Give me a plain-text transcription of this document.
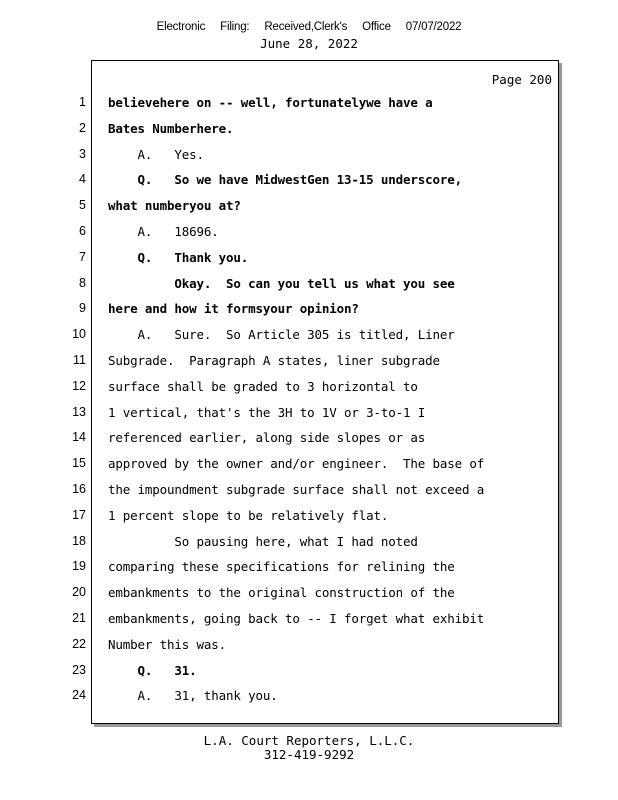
Electronic Filing: Received,Clerk's Office 07/07/2022
June 28, 2022
Page 200
1 believehere on -- well, fortunatelywe have a
2 Bates Numberhere.
3 A.   Yes.
4 Q.   So we have MidwestGen 13-15 underscore,
5 what numberyou at?
6 A.   18696.
7 Q.   Thank you.
8 Okay.  So can you tell us what you see
9 here and how it formsyour opinion?
10 A.   Sure.  So Article 305 is titled, Liner
11 Subgrade.  Paragraph A states, liner subgrade
12 surface shall be graded to 3 horizontal to
13 1 vertical, that's the 3H to 1V or 3-to-1 I
14 referenced earlier, along side slopes or as
15 approved by the owner and/or engineer.  The base of
16 the impoundment subgrade surface shall not exceed a
17 1 percent slope to be relatively flat.
18 So pausing here, what I had noted
19 comparing these specifications for relining the
20 embankments to the original construction of the
21 embankments, going back to -- I forget what exhibit
22 Number this was.
23 Q.   31.
24 A.   31, thank you.
L.A. Court Reporters, L.L.C.
312-419-9292
